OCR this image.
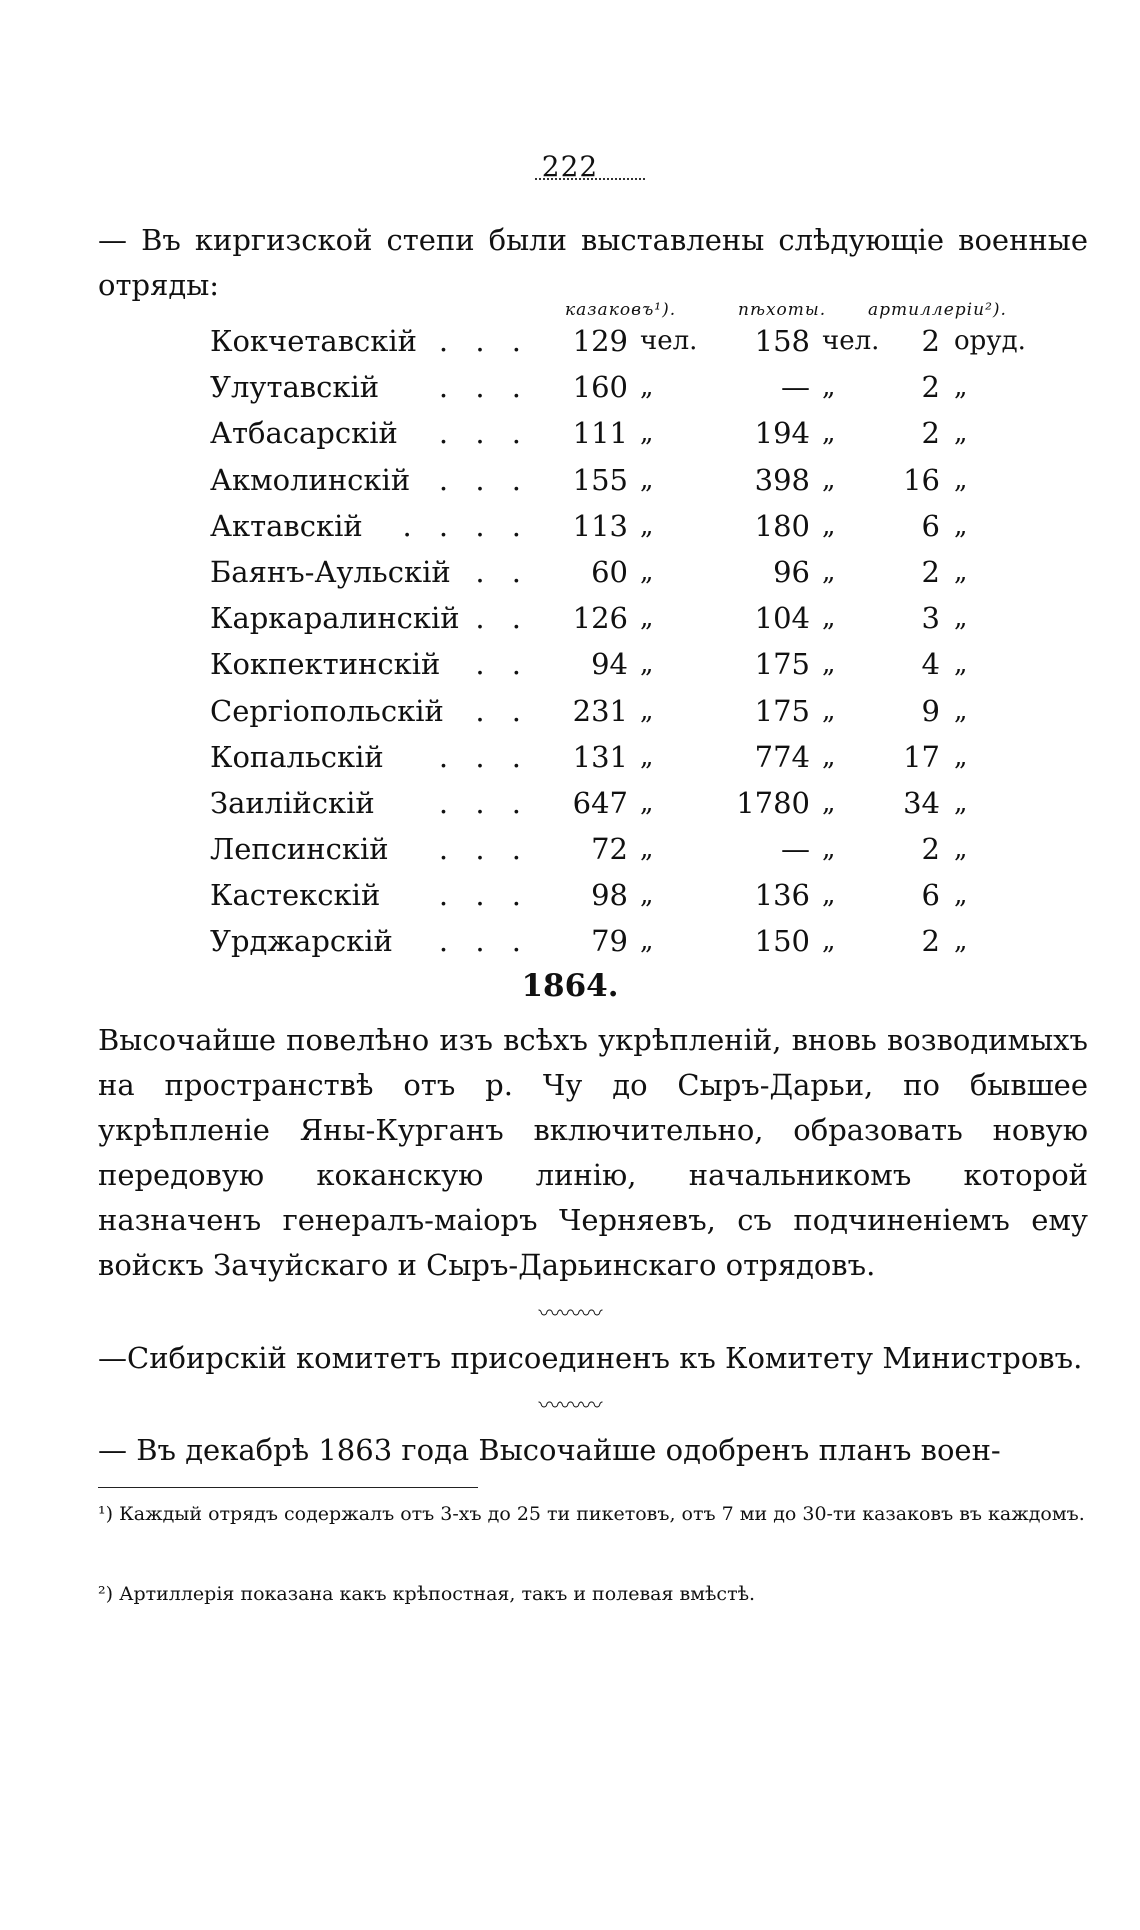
222

— Въ киргизской степи были выставлены слѣдующіе военные отряды:

казаковъ¹).	пѣхоты. артиллеріи²).
Кокчетавскій . . .	129 чел.	158 чел.	2 оруд.
Улутавскій	. . .	160 „	— „	2 „
Атбасарскій	. . .	111 „	194 „	2 „
Акмолинскій . . .	155 „	398 „	16 „
Актавскій	. . . .	113 „	180 „	6 „
Баянъ-Аульскій . .	60 „	96 „	2 „
Каркаралинскій . .	126 „	104 „	3 „
Кокпектинскій	. .	94 „	175 „	4 „
Сергіопольскій	. .	231 „	175 „	9 „
Копальскій	. . .	131 „	774 „	17 „
Заилійскій	. . .	647 „	1780 „	34 „
Лепсинскій	. . .	72 „	— „	2 „
Кастекскій	. . .	98 „	136 „	6 „
Урджарскій	. . .	79 „	150 „	2 „
1864.

Высочайше повелѣно изъ всѣхъ укрѣпленій, вновь возводимыхъ на пространствѣ отъ р. Чу до Сыръ-Дарьи, по бывшее укрѣпленіе Яны-Курганъ включительно, образовать новую передовую коканскую линію, начальникомъ которой назначенъ генералъ-маіоръ Черняевъ, съ подчиненіемъ ему войскъ Зачуйскаго и Сыръ-Дарьинскаго отрядовъ.

〰〰〰

—Сибирскій комитетъ присоединенъ къ Комитету Министровъ.

〰〰〰

— Въ декабрѣ 1863 года Высочайше одобренъ планъ воен-

¹) Каждый отрядъ содержалъ отъ 3-хъ до 25 ти пикетовъ, отъ 7 ми до 30-ти казаковъ въ каждомъ.

²) Артиллерія показана какъ крѣпостная, такъ и полевая вмѣстѣ.
